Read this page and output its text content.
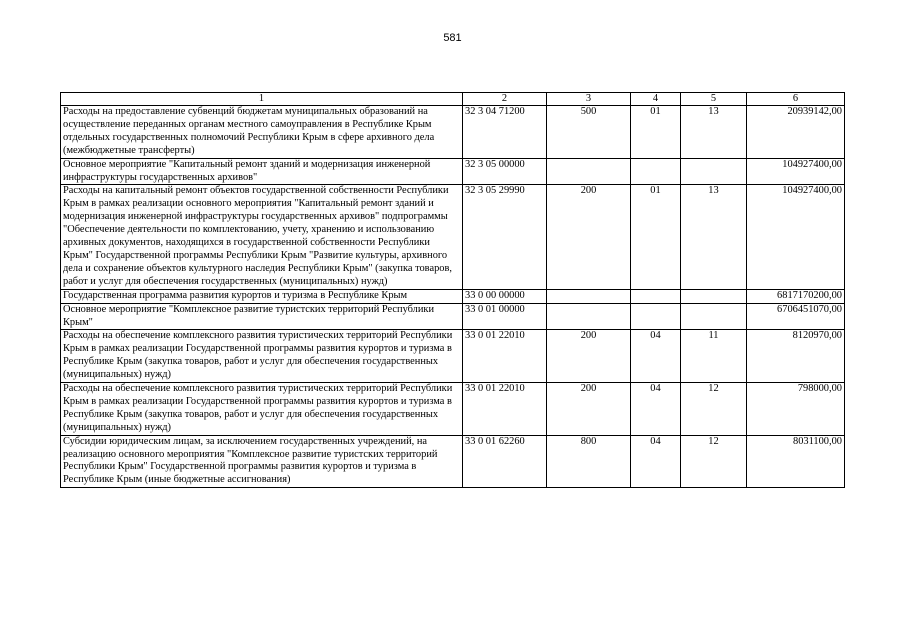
581
1	2	3	4	5	6
Расходы на предоставление субвенций бюджетам муниципальных образований на осуществление переданных органам местного самоуправления в Республике Крым отдельных государственных полномочий Республики Крым в сфере архивного дела (межбюджетные трансферты)	32 3 04 71200	500	01	13	20939142,00
Основное мероприятие "Капитальный ремонт зданий и модернизация инженерной инфраструктуры государственных архивов"	32 3 05 00000				104927400,00
Расходы на капитальный ремонт объектов государственной собственности Республики Крым в рамках реализации основного мероприятия "Капитальный ремонт зданий и модернизация инженерной инфраструктуры государственных архивов" подпрограммы "Обеспечение деятельности по комплектованию, учету, хранению и использованию архивных документов, находящихся в государственной собственности Республики Крым" Государственной программы Республики Крым "Развитие культуры, архивного дела и сохранение объектов культурного наследия Республики Крым" (закупка товаров, работ и услуг для обеспечения государственных (муниципальных) нужд)	32 3 05 29990	200	01	13	104927400,00
Государственная программа развития курортов и туризма в Республике Крым	33 0 00 00000				6817170200,00
Основное мероприятие "Комплексное развитие туристских территорий Республики Крым"	33 0 01 00000				6706451070,00
Расходы на обеспечение комплексного развития туристических территорий Республики Крым в рамках реализации Государственной программы развития курортов и туризма в Республике Крым (закупка товаров, работ и услуг для обеспечения государственных (муниципальных) нужд)	33 0 01 22010	200	04	11	8120970,00
Расходы на обеспечение комплексного развития туристических территорий Республики Крым в рамках реализации Государственной программы развития курортов и туризма в Республике Крым (закупка товаров, работ и услуг для обеспечения государственных (муниципальных) нужд)	33 0 01 22010	200	04	12	798000,00
Субсидии юридическим лицам, за исключением государственных учреждений, на реализацию основного мероприятия "Комплексное развитие туристских территорий Республики Крым" Государственной программы развития курортов и туризма в Республике Крым (иные бюджетные ассигнования)	33 0 01 62260	800	04	12	8031100,00
